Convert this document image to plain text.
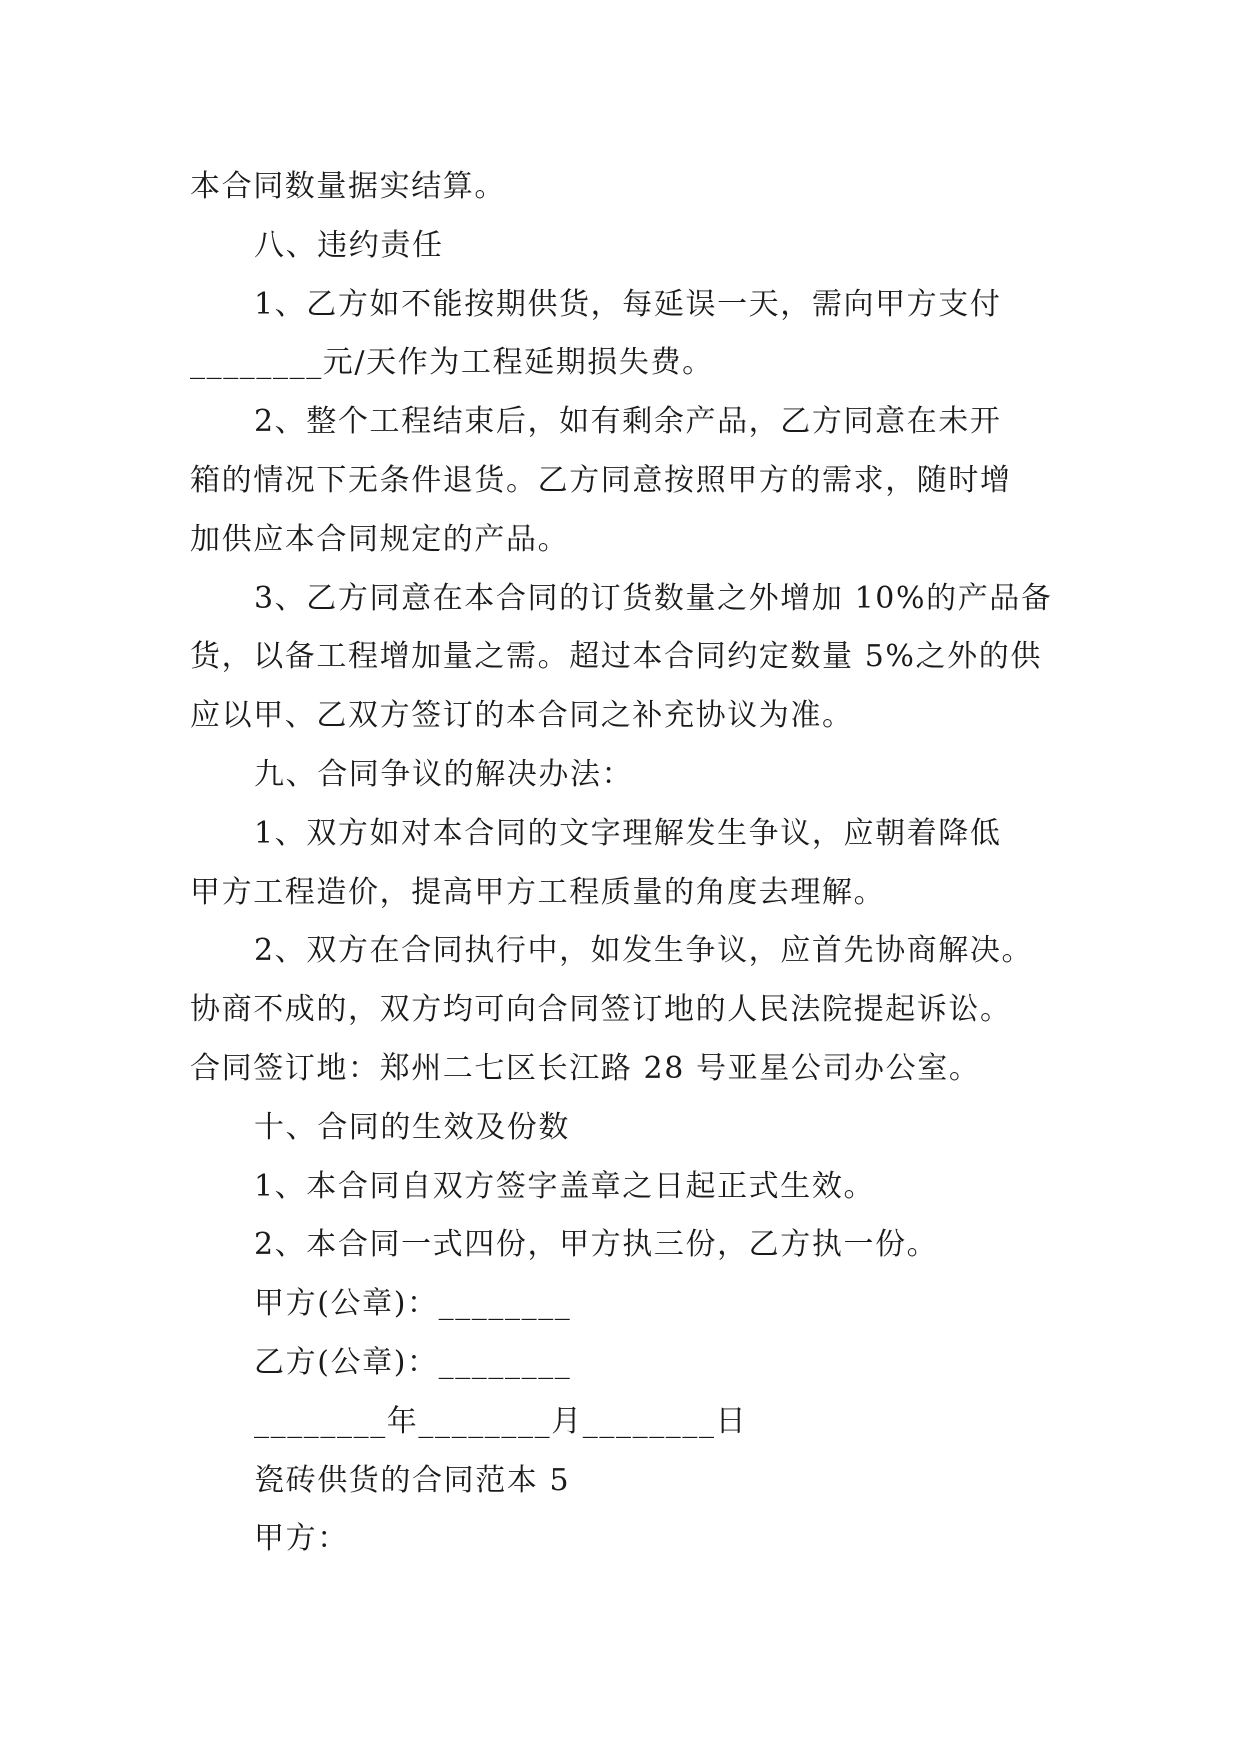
本合同数量据实结算。
八、违约责任
1、乙方如不能按期供货，每延误一天，需向甲方支付
________元/天作为工程延期损失费。
2、整个工程结束后，如有剩余产品，乙方同意在未开
箱的情况下无条件退货。乙方同意按照甲方的需求，随时增
加供应本合同规定的产品。
3、乙方同意在本合同的订货数量之外增加 10%的产品备
货，以备工程增加量之需。超过本合同约定数量 5%之外的供
应以甲、乙双方签订的本合同之补充协议为准。
九、合同争议的解决办法：
1、双方如对本合同的文字理解发生争议，应朝着降低
甲方工程造价，提高甲方工程质量的角度去理解。
2、双方在合同执行中，如发生争议，应首先协商解决。
协商不成的，双方均可向合同签订地的人民法院提起诉讼。
合同签订地：郑州二七区长江路 28 号亚星公司办公室。
十、合同的生效及份数
1、本合同自双方签字盖章之日起正式生效。
2、本合同一式四份，甲方执三份，乙方执一份。
甲方(公章)：________
乙方(公章)：________
________年________月________日
瓷砖供货的合同范本 5
甲方：
